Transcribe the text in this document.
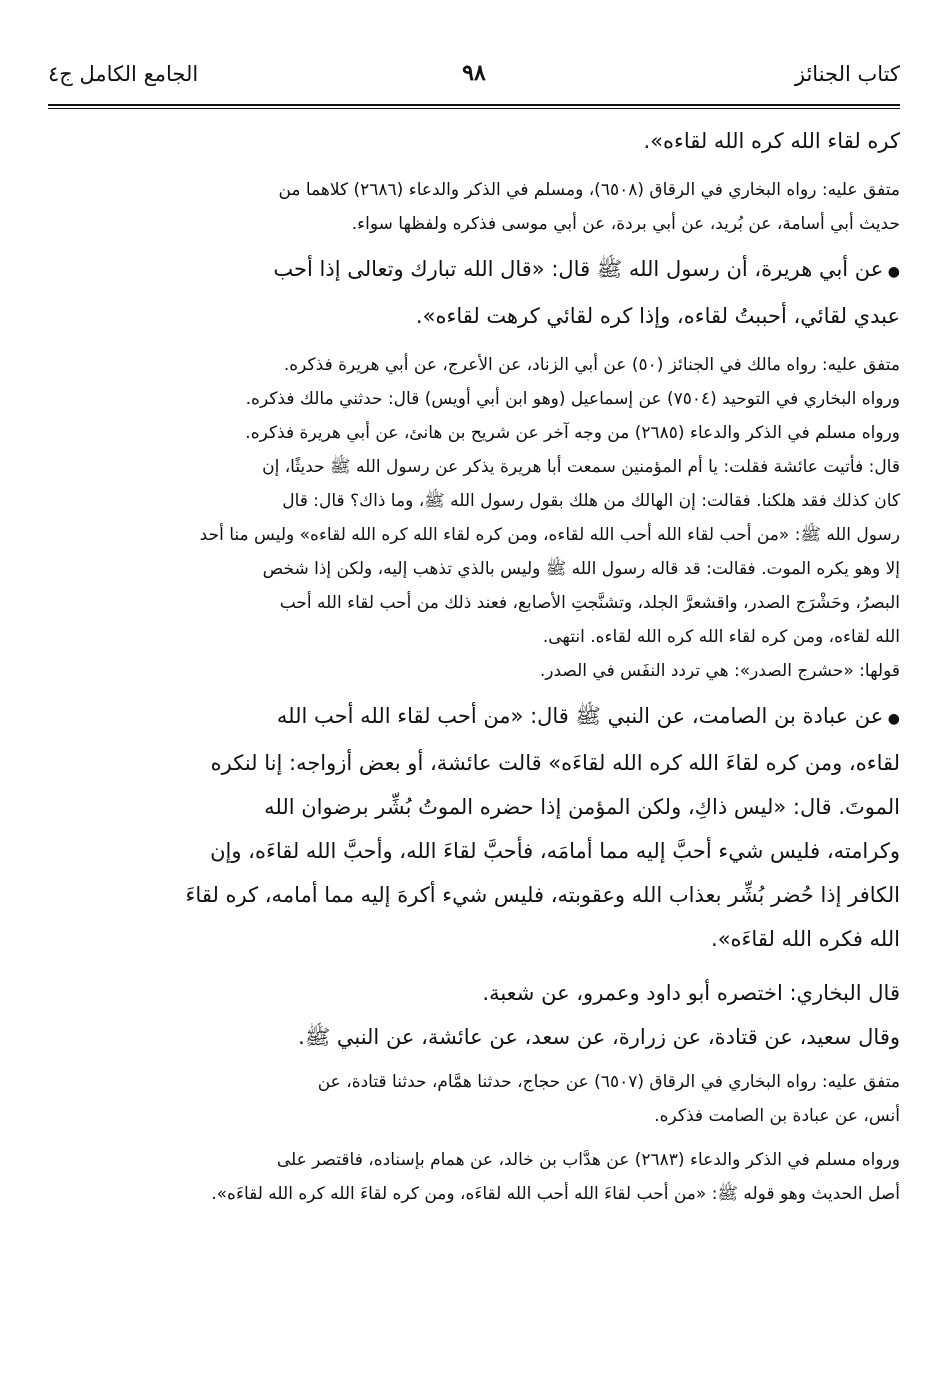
كتاب الجنائز
٩٨
الجامع الكامل ج٤
كره لقاء الله كره الله لقاءه».
متفق عليه: رواه البخاري في الرقاق (٦٥٠٨)، ومسلم في الذكر والدعاء (٢٦٨٦) كلاهما من
حديث أبي أسامة، عن بُريد، عن أبي بردة، عن أبي موسى فذكره ولفظها سواء.
● عن أبي هريرة، أن رسول الله ﷺ قال: «قال الله تبارك وتعالى إذا أحب
عبدي لقائي، أحببتُ لقاءه، وإذا كره لقائي كرهت لقاءه».
متفق عليه: رواه مالك في الجنائز (٥٠) عن أبي الزناد، عن الأعرج، عن أبي هريرة فذكره.
ورواه البخاري في التوحيد (٧٥٠٤) عن إسماعيل (وهو ابن أبي أويس) قال: حدثني مالك فذكره.
ورواه مسلم في الذكر والدعاء (٢٦٨٥) من وجه آخر عن شريح بن هانئ، عن أبي هريرة فذكره.
قال: فأتيت عائشة فقلت: يا أم المؤمنين سمعت أبا هريرة يذكر عن رسول الله ﷺ حديثًا، إن
كان كذلك فقد هلكنا. فقالت: إن الهالك من هلك بقول رسول الله ﷺ، وما ذاك؟ قال: قال
رسول الله ﷺ: «من أحب لقاء الله أحب الله لقاءه، ومن كره لقاء الله كره الله لقاءه» وليس منا أحد
إلا وهو يكره الموت. فقالت: قد قاله رسول الله ﷺ وليس بالذي تذهب إليه، ولكن إذا شخص
البصرُ، وحَشْرَج الصدر، واقشعرَّ الجلد، وتشنَّجتِ الأصابع، فعند ذلك من أحب لقاء الله أحب
الله لقاءه، ومن كره لقاء الله كره الله لقاءه. انتهى.
قولها: «حشرج الصدر»: هي تردد النفَس في الصدر.
● عن عبادة بن الصامت، عن النبي ﷺ قال: «من أحب لقاء الله أحب الله
لقاءه، ومن كره لقاءَ الله كره الله لقاءَه» قالت عائشة، أو بعض أزواجه: إنا لنكره
الموتَ. قال: «ليس ذاكِ، ولكن المؤمن إذا حضره الموتُ بُشِّر برضوان الله
وكرامته، فليس شيء أحبَّ إليه مما أمامَه، فأحبَّ لقاءَ الله، وأحبَّ الله لقاءَه، وإن
الكافر إذا حُضر بُشِّر بعذاب الله وعقوبته، فليس شيء أكرهَ إليه مما أمامه، كره لقاءَ
الله فكره الله لقاءَه».
قال البخاري: اختصره أبو داود وعمرو، عن شعبة.
وقال سعيد، عن قتادة، عن زرارة، عن سعد، عن عائشة، عن النبي ﷺ.
متفق عليه: رواه البخاري في الرقاق (٦٥٠٧) عن حجاج، حدثنا همَّام، حدثنا قتادة، عن
أنس، عن عبادة بن الصامت فذكره.
ورواه مسلم في الذكر والدعاء (٢٦٨٣) عن هدَّاب بن خالد، عن همام بإسناده، فاقتصر على
أصل الحديث وهو قوله ﷺ: «من أحب لقاءَ الله أحب الله لقاءَه، ومن كره لقاءَ الله كره الله لقاءَه».
